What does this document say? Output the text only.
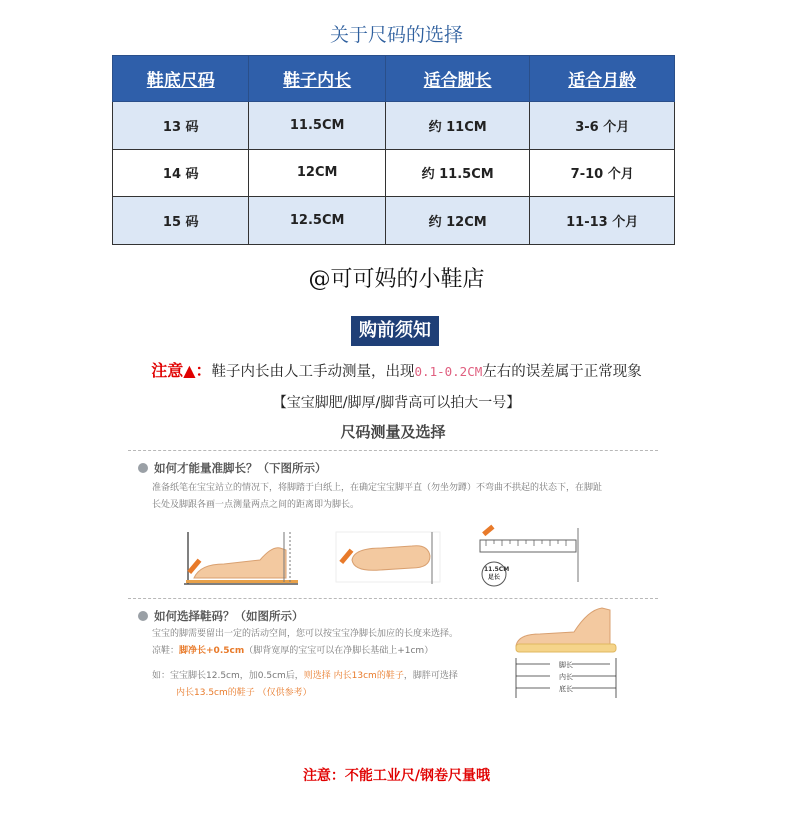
关于尺码的选择
鞋底尺码	鞋子内长	适合脚长	适合月龄
13 码	11.5CM	约 11CM	3-6 个月
14 码	12CM	约 11.5CM	7-10 个月
15 码	12.5CM	约 12CM	11-13 个月
@可可妈的小鞋店
购前须知
注意▲：鞋子内长由人工手动测量，出现0.1-0.2CM左右的误差属于正常现象
【宝宝脚肥/脚厚/脚背高可以拍大一号】
尺码测量及选择
如何才能量准脚长？（下图所示）
准备纸笔在宝宝站立的情况下，将脚踏于白纸上，在确定宝宝脚平直（勿坐勿蹲）不弯曲不拱起的状态下，在脚趾
长处及脚跟各画一点测量两点之间的距离即为脚长。
11.5CM
足长
如何选择鞋码？（如图所示）
宝宝的脚需要留出一定的活动空间，您可以按宝宝净脚长加应的长度来选择。
凉鞋：脚净长+0.5cm（脚背宽厚的宝宝可以在净脚长基础上+1cm）
如：宝宝脚长12.5cm，加0.5cm后，则选择 内长13cm的鞋子，脚胖可选择
内长13.5cm的鞋子 （仅供参考）
脚长
内长
底长
注意：不能工业尺/钢卷尺量哦
